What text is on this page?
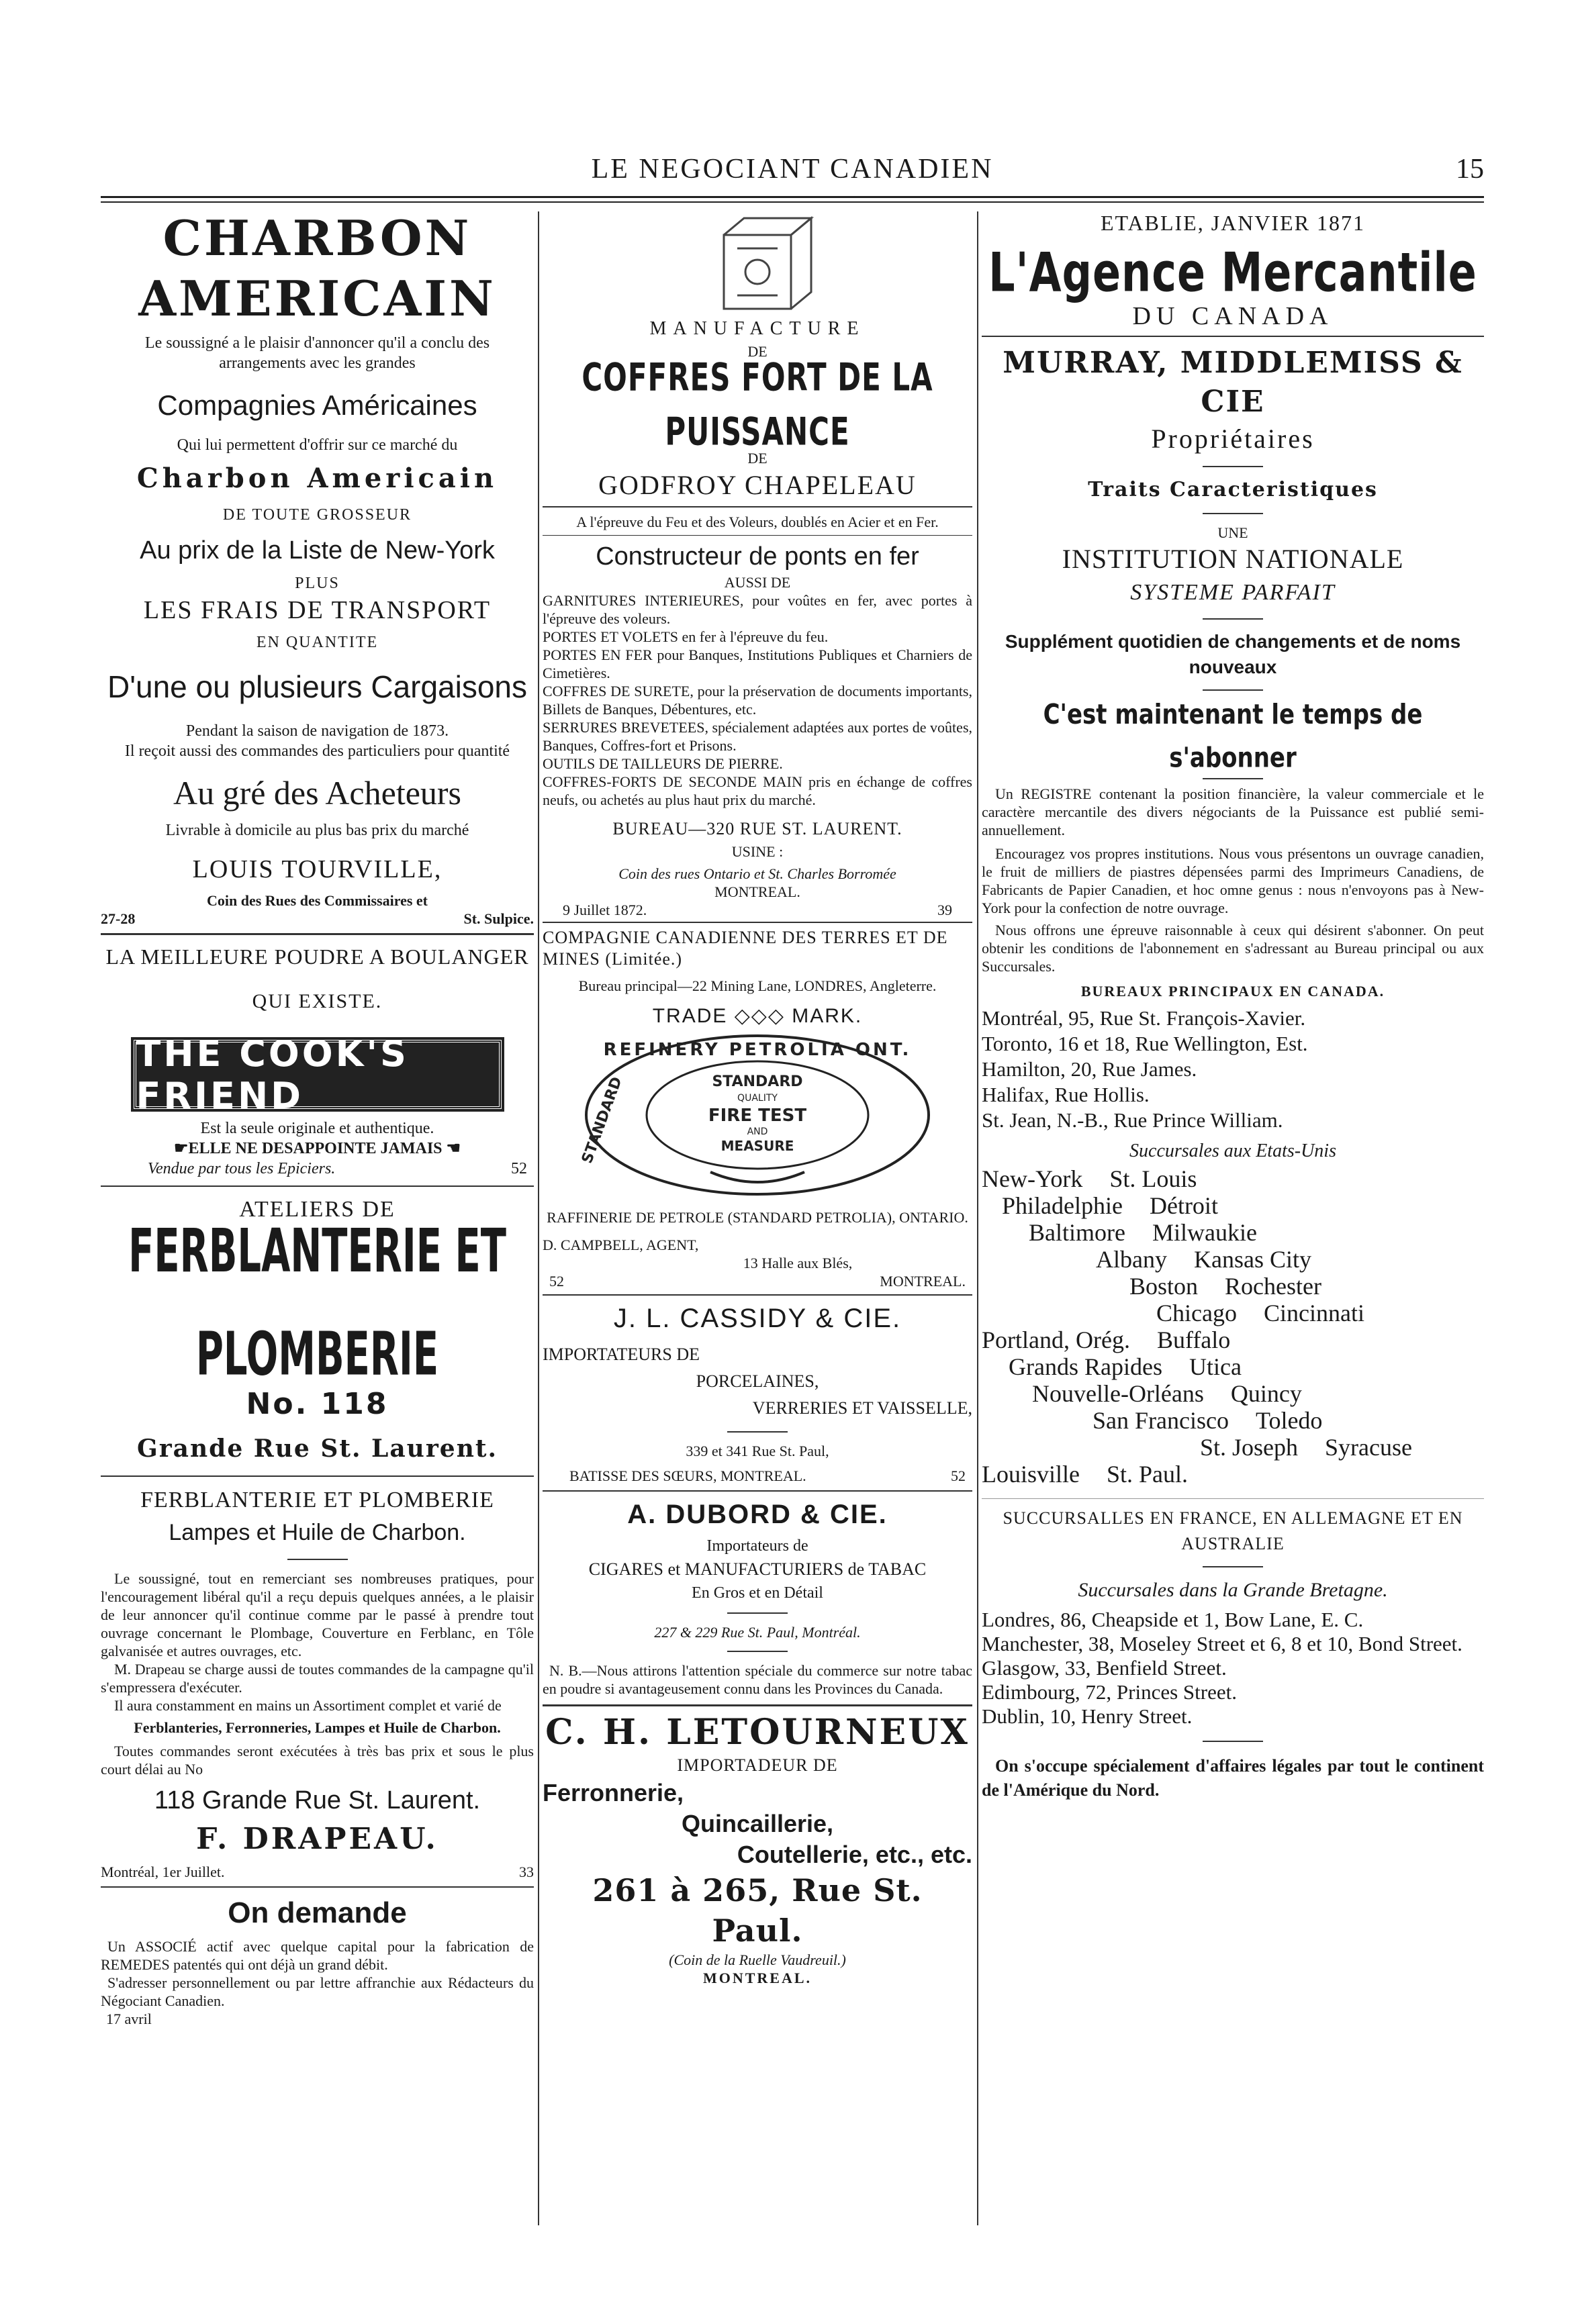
LE NEGOCIANT CANADIEN	15

CHARBON AMERICAIN

Le soussigné a le plaisir d'annoncer qu'il a conclu des arrangements avec les grandes

Compagnies Américaines

Qui lui permettent d'offrir sur ce marché du

Charbon Americain

DE TOUTE GROSSEUR

Au prix de la Liste de New-York

PLUS

LES FRAIS DE TRANSPORT

EN QUANTITE

D'une ou plusieurs Cargaisons

Pendant la saison de navigation de 1873.

Il reçoit aussi des commandes des particuliers pour quantité

Au gré des Acheteurs

Livrable à domicile au plus bas prix du marché

LOUIS TOURVILLE,

Coin des Rues des Commissaires et

27-28	St. Sulpice.

LA MEILLEURE POUDRE A BOULANGER

QUI EXISTE.

THE COOK'S FRIEND

Est la seule originale et authentique.

☛ELLE NE DESAPPOINTE JAMAIS ☚

Vendue par tous les Epiciers.	52

ATELIERS DE

FERBLANTERIE ET PLOMBERIE

No. 118

Grande Rue St. Laurent.

FERBLANTERIE ET PLOMBERIE

Lampes et Huile de Charbon.

Le soussigné, tout en remerciant ses nombreuses pratiques, pour l'encouragement libéral qu'il a reçu depuis quelques années, a le plaisir de leur annoncer qu'il continue comme par le passé à prendre tout ouvrage concernant le Plombage, Couverture en Ferblanc, en Tôle galvanisée et autres ouvrages, etc.

M. Drapeau se charge aussi de toutes commandes de la campagne qu'il s'empressera d'exécuter.

Il aura constamment en mains un Assortiment complet et varié de

Ferblanteries, Ferronneries, Lampes et Huile de Charbon.

Toutes commandes seront exécutées à très bas prix et sous le plus court délai au No

118 Grande Rue St. Laurent.

F. DRAPEAU.

Montréal, 1er Juillet.	33

On demande

Un ASSOCIÉ actif avec quelque capital pour la fabrication de REMEDES patentés qui ont déjà un grand débit.

S'adresser personnellement ou par lettre affranchie aux Rédacteurs du Négociant Canadien.

17 avril

MANUFACTURE

DE

COFFRES FORT DE LA PUISSANCE

DE

GODFROY CHAPELEAU

A l'épreuve du Feu et des Voleurs, doublés en Acier et en Fer.

Constructeur de ponts en fer

AUSSI DE

GARNITURES INTERIEURES, pour voûtes en fer, avec portes à l'épreuve des voleurs.

PORTES ET VOLETS en fer à l'épreuve du feu.

PORTES EN FER pour Banques, Institutions Publiques et Charniers de Cimetières.

COFFRES DE SURETE, pour la préservation de documents importants, Billets de Banques, Débentures, etc.

SERRURES BREVETEES, spécialement adaptées aux portes de voûtes, Banques, Coffres-fort et Prisons.

OUTILS DE TAILLEURS DE PIERRE.

COFFRES-FORTS DE SECONDE MAIN pris en échange de coffres neufs, ou achetés au plus haut prix du marché.

BUREAU—320 RUE ST. LAURENT.

USINE :

Coin des rues Ontario et St. Charles Borromée

MONTREAL.

9 Juillet 1872.	39

COMPAGNIE CANADIENNE DES TERRES ET DE MINES (Limitée.)

Bureau principal—22 Mining Lane, LONDRES, Angleterre.

TRADE ◇◇◇ MARK.

REFINERY PETROLIA ONT.
STANDARD	STANDARD
QUALITY
FIRE TEST
AND
MEASURE

RAFFINERIE DE PETROLE (STANDARD PETROLIA), ONTARIO.

D. CAMPBELL, AGENT,

13 Halle aux Blés,

52	MONTREAL.

J. L. CASSIDY & CIE.

IMPORTATEURS DE

PORCELAINES,

VERRERIES ET VAISSELLE,

339 et 341 Rue St. Paul,

BATISSE DES SŒURS, MONTREAL.	52

A. DUBORD & CIE.

Importateurs de

CIGARES et MANUFACTURIERS de TABAC

En Gros et en Détail

227 & 229 Rue St. Paul, Montréal.

N. B.—Nous attirons l'attention spéciale du commerce sur notre tabac en poudre si avantageusement connu dans les Provinces du Canada.

C. H. LETOURNEUX

IMPORTADEUR DE

Ferronnerie,

Quincaillerie,

Coutellerie, etc., etc.

261 à 265, Rue St. Paul.

(Coin de la Ruelle Vaudreuil.)

MONTREAL.

ETABLIE, JANVIER 1871

L'Agence Mercantile

DU CANADA

MURRAY, MIDDLEMISS & CIE

Propriétaires

Traits Caracteristiques

UNE

INSTITUTION NATIONALE

SYSTEME PARFAIT

Supplément quotidien de changements et de noms nouveaux

C'est maintenant le temps de s'abonner

Un REGISTRE contenant la position financière, la valeur commerciale et le caractère mercantile des divers négociants de la Puissance est publié semi-annuellement.

Encouragez vos propres institutions. Nous vous présentons un ouvrage canadien, le fruit de milliers de piastres dépensées parmi des Imprimeurs Canadiens, de Fabricants de Papier Canadien, et hoc omne genus : nous n'envoyons pas à New-York pour la confection de notre ouvrage.

Nous offrons une épreuve raisonnable à ceux qui désirent s'abonner. On peut obtenir les conditions de l'abonnement en s'adressant au Bureau principal ou aux Succursales.

BUREAUX PRINCIPAUX EN CANADA.

Montréal, 95, Rue St. François-Xavier.

Toronto, 16 et 18, Rue Wellington, Est.

Hamilton, 20, Rue James.

Halifax, Rue Hollis.

St. Jean, N.-B., Rue Prince William.

Succursales aux Etats-Unis

New-York St. Louis

Philadelphie Détroit

Baltimore Milwaukie

Albany Kansas City

Boston Rochester

Chicago Cincinnati

Portland, Orég. Buffalo

Grands Rapides Utica

Nouvelle-Orléans Quincy

San Francisco Toledo

St. Joseph Syracuse

Louisville St. Paul.

SUCCURSALLES EN FRANCE, EN ALLEMAGNE ET EN AUSTRALIE

Succursales dans la Grande Bretagne.

Londres, 86, Cheapside et 1, Bow Lane, E. C.

Manchester, 38, Moseley Street et 6, 8 et 10, Bond Street.

Glasgow, 33, Benfield Street.

Edimbourg, 72, Princes Street.

Dublin, 10, Henry Street.

On s'occupe spécialement d'affaires légales par tout le continent de l'Amérique du Nord.
